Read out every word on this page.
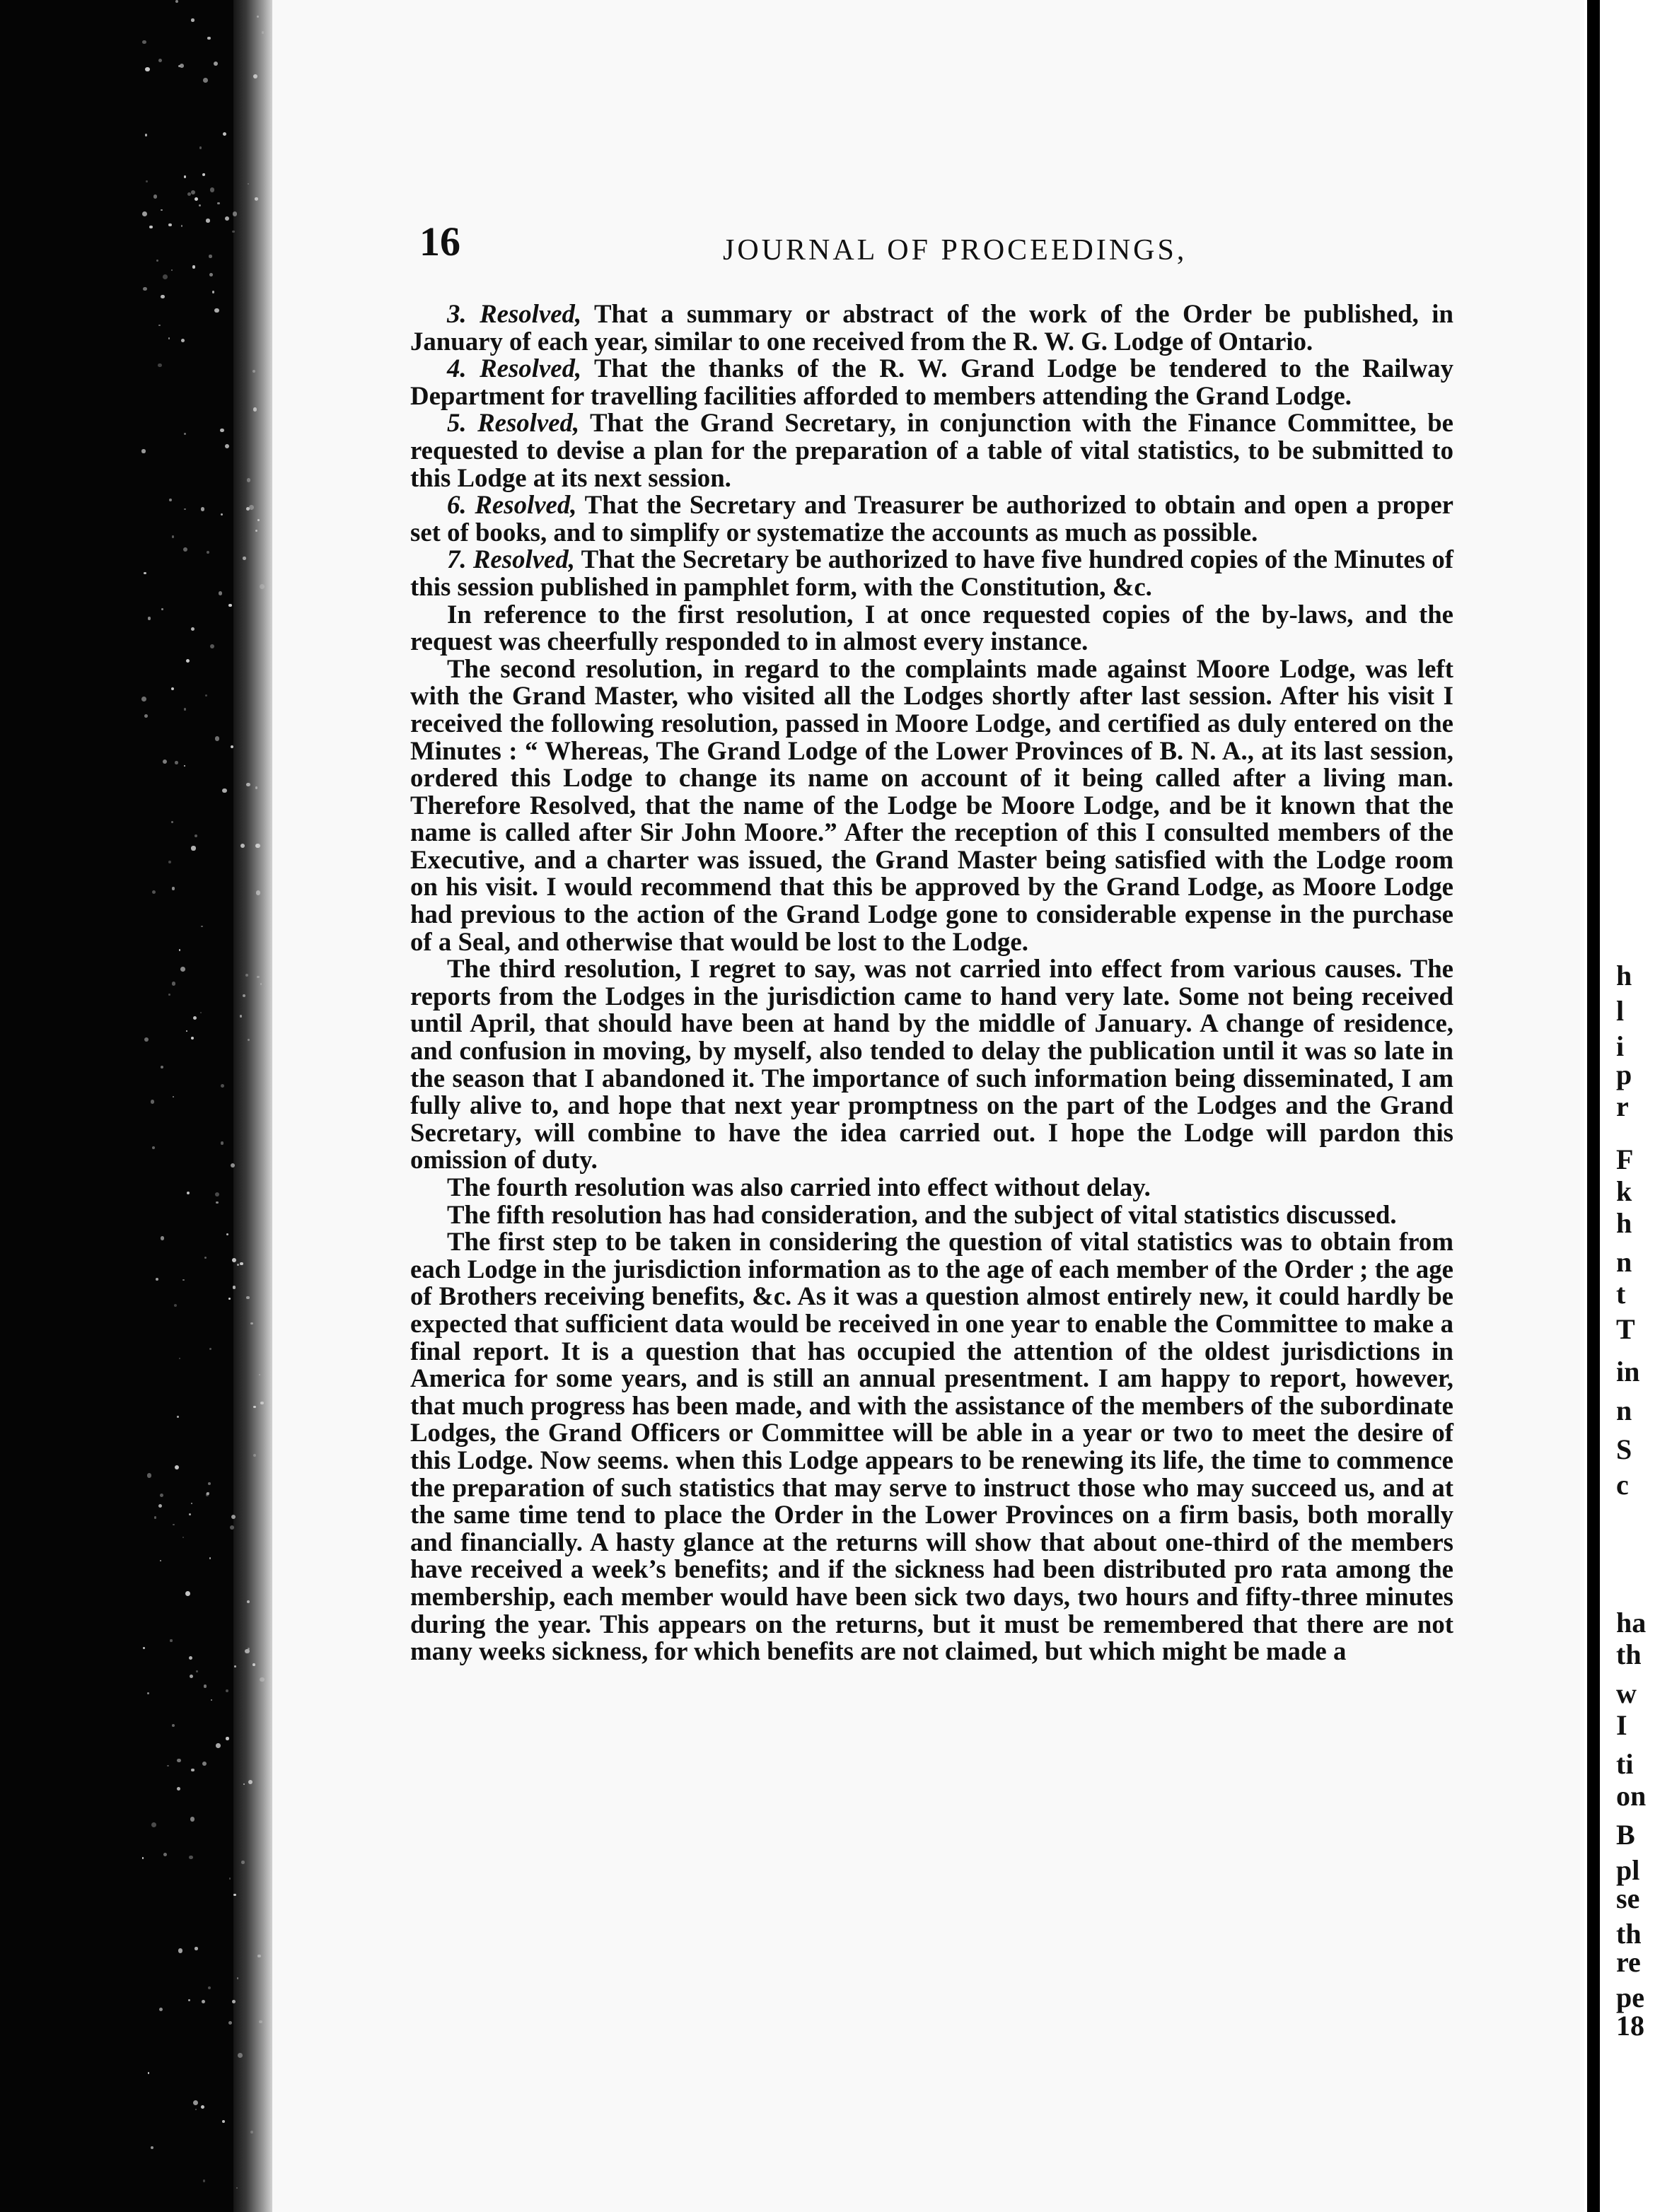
16	JOURNAL OF PROCEEDINGS,

3. Resolved, That a summary or abstract of the work of the Order be published, in January of each year, similar to one received from the R. W. G. Lodge of Ontario.

4. Resolved, That the thanks of the R. W. Grand Lodge be tendered to the Railway Department for travelling facilities afforded to members attending the Grand Lodge.

5. Resolved, That the Grand Secretary, in conjunction with the Finance Committee, be requested to devise a plan for the preparation of a table of vital statistics, to be submitted to this Lodge at its next session.

6. Resolved, That the Secretary and Treasurer be authorized to obtain and open a proper set of books, and to simplify or systematize the accounts as much as possible.

7. Resolved, That the Secretary be authorized to have five hundred copies of the Minutes of this session published in pamphlet form, with the Constitution, &c.

In reference to the first resolution, I at once requested copies of the by-laws, and the request was cheerfully responded to in almost every instance.

The second resolution, in regard to the complaints made against Moore Lodge, was left with the Grand Master, who visited all the Lodges shortly after last session. After his visit I received the following resolution, passed in Moore Lodge, and certified as duly entered on the Minutes : “ Whereas, The Grand Lodge of the Lower Provinces of B. N. A., at its last session, ordered this Lodge to change its name on account of it being called after a living man. Therefore Resolved, that the name of the Lodge be Moore Lodge, and be it known that the name is called after Sir John Moore.” After the reception of this I consulted members of the Executive, and a charter was issued, the Grand Master being satisfied with the Lodge room on his visit. I would recommend that this be approved by the Grand Lodge, as Moore Lodge had previous to the action of the Grand Lodge gone to considerable expense in the purchase of a Seal, and otherwise that would be lost to the Lodge.

The third resolution, I regret to say, was not carried into effect from various causes. The reports from the Lodges in the jurisdiction came to hand very late. Some not being received until April, that should have been at hand by the middle of January. A change of residence, and confusion in moving, by myself, also tended to delay the publication until it was so late in the season that I abandoned it. The importance of such information being disseminated, I am fully alive to, and hope that next year promptness on the part of the Lodges and the Grand Secretary, will combine to have the idea carried out. I hope the Lodge will pardon this omission of duty.

The fourth resolution was also carried into effect without delay.

The fifth resolution has had consideration, and the subject of vital statistics discussed.

The first step to be taken in considering the question of vital statistics was to obtain from each Lodge in the jurisdiction information as to the age of each member of the Order ; the age of Brothers receiving benefits, &c. As it was a question almost entirely new, it could hardly be expected that sufficient data would be received in one year to enable the Committee to make a final report. It is a question that has occupied the attention of the oldest jurisdictions in America for some years, and is still an annual presentment. I am happy to report, however, that much progress has been made, and with the assistance of the members of the subordinate Lodges, the Grand Officers or Committee will be able in a year or two to meet the desire of this Lodge. Now seems. when this Lodge appears to be renewing its life, the time to commence the preparation of such statistics that may serve to instruct those who may succeed us, and at the same time tend to place the Order in the Lower Provinces on a firm basis, both morally and financially. A hasty glance at the returns will show that about one-third of the members have received a week’s benefits; and if the sickness had been distributed pro rata among the membership, each member would have been sick two days, two hours and fifty-three minutes during the year. This appears on the returns, but it must be remembered that there are not many weeks sickness, for which benefits are not claimed, but which might be made a

h
l
i
p
r
F
k
h
n
t
T
in
n
S
c
ha
th
w
I
ti
on
B
pl
se
th
re
pe
18
